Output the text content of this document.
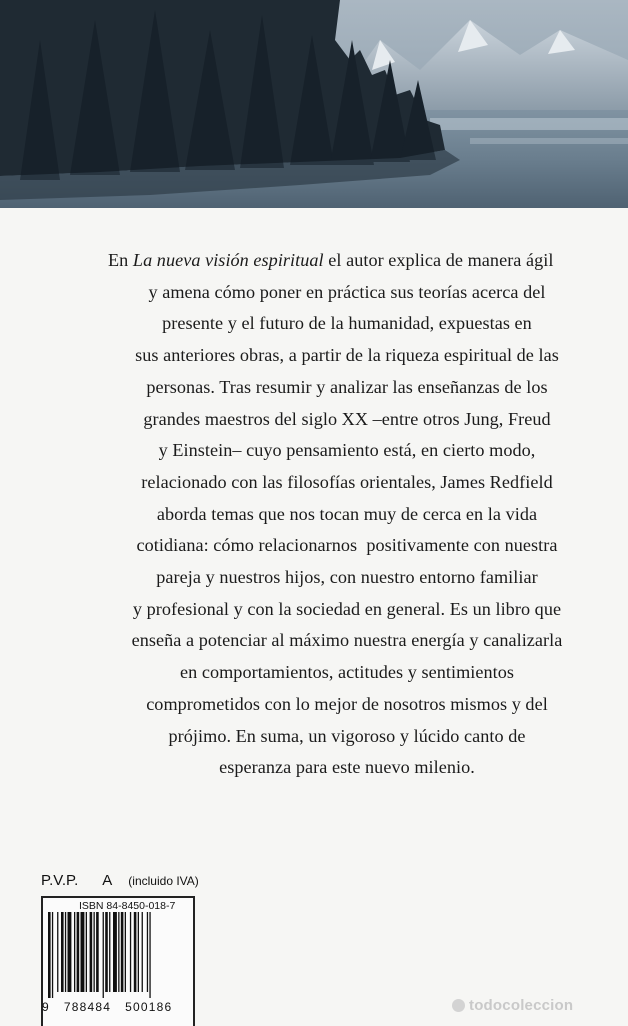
En La nueva visión espiritual el autor explica de manera ágil
y amena cómo poner en práctica sus teorías acerca del
presente y el futuro de la humanidad, expuestas en
sus anteriores obras, a partir de la riqueza espiritual de las
personas. Tras resumir y analizar las enseñanzas de los
grandes maestros del siglo XX –entre otros Jung, Freud
y Einstein– cuyo pensamiento está, en cierto modo,
relacionado con las filosofías orientales, James Redfield
aborda temas que nos tocan muy de cerca en la vida
cotidiana: cómo relacionarnos  positivamente con nuestra
pareja y nuestros hijos, con nuestro entorno familiar
y profesional y con la sociedad en general. Es un libro que
enseña a potenciar al máximo nuestra energía y canalizarla
en comportamientos, actitudes y sentimientos
comprometidos con lo mejor de nosotros mismos y del
prójimo. En suma, un vigoroso y lúcido canto de
esperanza para este nuevo milenio.
P.V.P. A (incluido IVA)
ISBN 84-8450-018-7
9 788484 500186	todocoleccion
